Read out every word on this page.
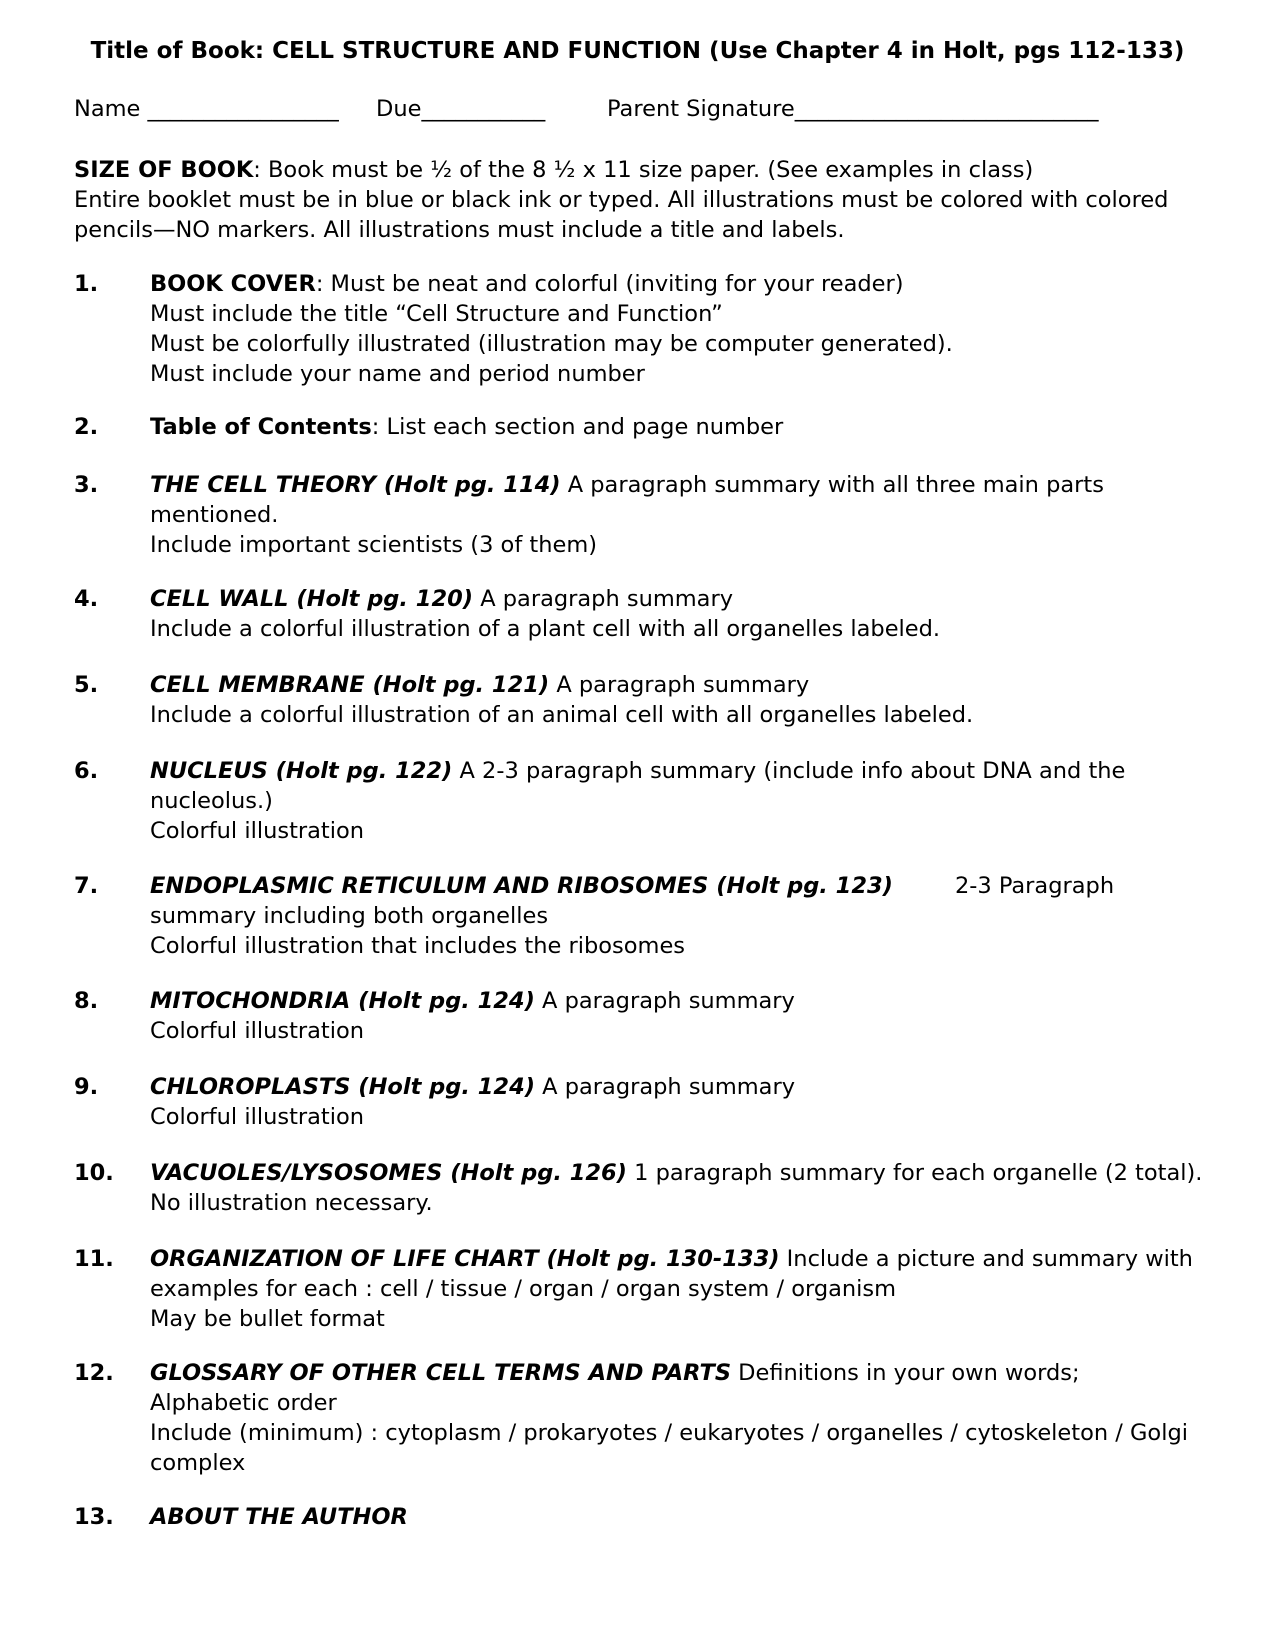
Title of Book: CELL STRUCTURE AND FUNCTION (Use Chapter 4 in Holt, pgs 112-133)
Name _________________ Due___________	Parent Signature___________________________
SIZE OF BOOK: Book must be ½ of the 8 ½ x 11 size paper. (See examples in class)
Entire booklet must be in blue or black ink or typed. All illustrations must be colored with colored
pencils—NO markers. All illustrations must include a title and labels.
1. BOOK COVER: Must be neat and colorful (inviting for your reader)
Must include the title “Cell Structure and Function”
Must be colorfully illustrated (illustration may be computer generated).
Must include your name and period number
2. Table of Contents: List each section and page number
3. THE CELL THEORY (Holt pg. 114) A paragraph summary with all three main parts
mentioned.
Include important scientists (3 of them)
4. CELL WALL (Holt pg. 120) A paragraph summary
Include a colorful illustration of a plant cell with all organelles labeled.
5. CELL MEMBRANE (Holt pg. 121) A paragraph summary
Include a colorful illustration of an animal cell with all organelles labeled.
6. NUCLEUS (Holt pg. 122) A 2-3 paragraph summary (include info about DNA and the
nucleolus.)
Colorful illustration
7. ENDOPLASMIC RETICULUM AND RIBOSOMES (Holt pg. 123)	2-3 Paragraph
summary including both organelles
Colorful illustration that includes the ribosomes
8. MITOCHONDRIA (Holt pg. 124) A paragraph summary
Colorful illustration
9. CHLOROPLASTS (Holt pg. 124) A paragraph summary
Colorful illustration
10. VACUOLES/LYSOSOMES (Holt pg. 126) 1 paragraph summary for each organelle (2 total).
No illustration necessary.
11. ORGANIZATION OF LIFE CHART (Holt pg. 130-133) Include a picture and summary with
examples for each : cell / tissue / organ / organ system / organism
May be bullet format
12. GLOSSARY OF OTHER CELL TERMS AND PARTS Definitions in your own words;
Alphabetic order
Include (minimum) : cytoplasm / prokaryotes / eukaryotes / organelles / cytoskeleton / Golgi
complex
13. ABOUT THE AUTHOR
